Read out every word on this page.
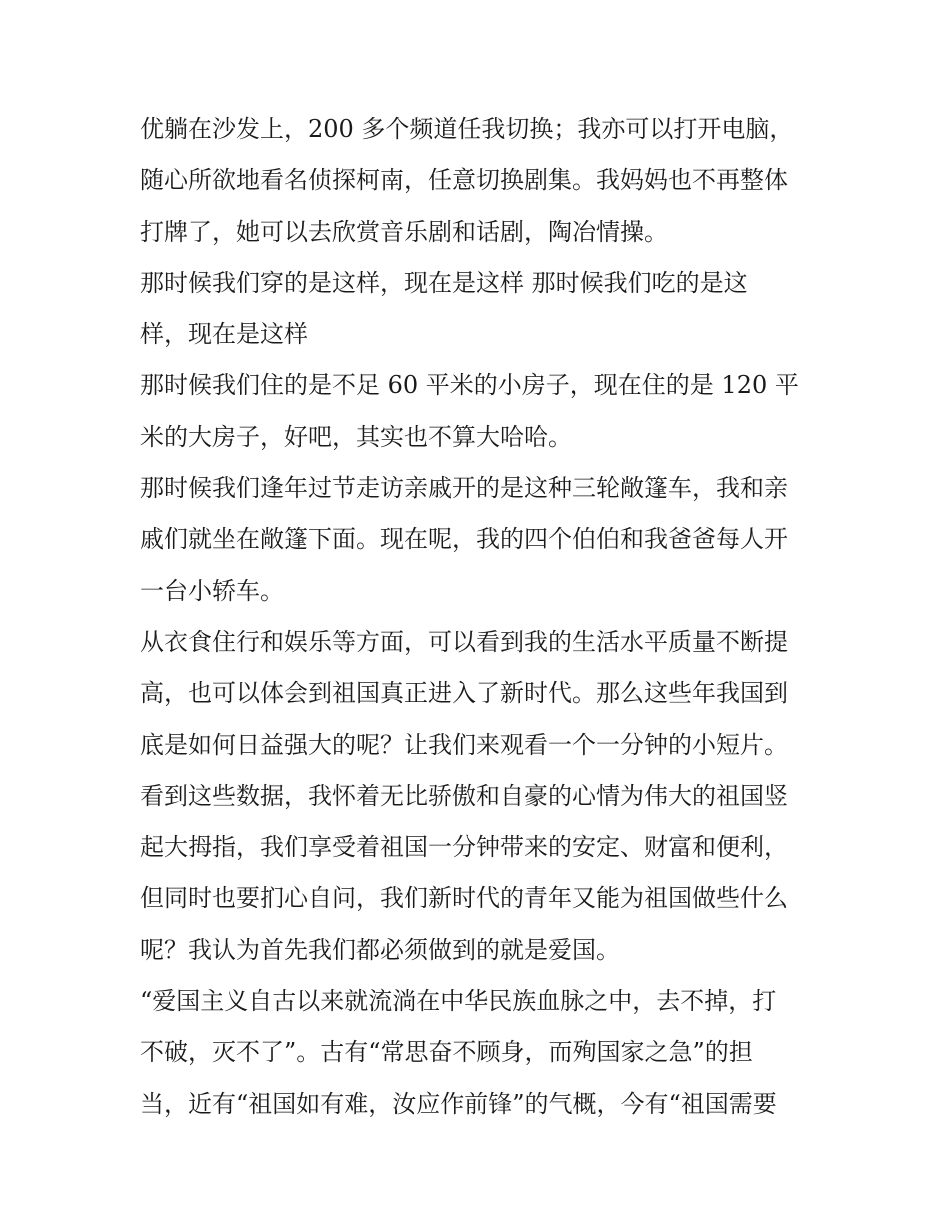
优躺在沙发上，200 多个频道任我切换；我亦可以打开电脑，
随心所欲地看名侦探柯南，任意切换剧集。我妈妈也不再整体
打牌了，她可以去欣赏音乐剧和话剧，陶冶情操。
那时候我们穿的是这样，现在是这样 那时候我们吃的是这
样，现在是这样
那时候我们住的是不足 60 平米的小房子，现在住的是 120 平
米的大房子，好吧，其实也不算大哈哈。
那时候我们逢年过节走访亲戚开的是这种三轮敞篷车，我和亲
戚们就坐在敞篷下面。现在呢，我的四个伯伯和我爸爸每人开
一台小轿车。
从衣食住行和娱乐等方面，可以看到我的生活水平质量不断提
高，也可以体会到祖国真正进入了新时代。那么这些年我国到
底是如何日益强大的呢？让我们来观看一个一分钟的小短片。
看到这些数据，我怀着无比骄傲和自豪的心情为伟大的祖国竖
起大拇指，我们享受着祖国一分钟带来的安定、财富和便利，
但同时也要扪心自问，我们新时代的青年又能为祖国做些什么
呢？我认为首先我们都必须做到的就是爱国。
“爱国主义自古以来就流淌在中华民族血脉之中，去不掉，打
不破，灭不了”。古有“常思奋不顾身，而殉国家之急”的担
当，近有“祖国如有难，汝应作前锋”的气概，今有“祖国需要
